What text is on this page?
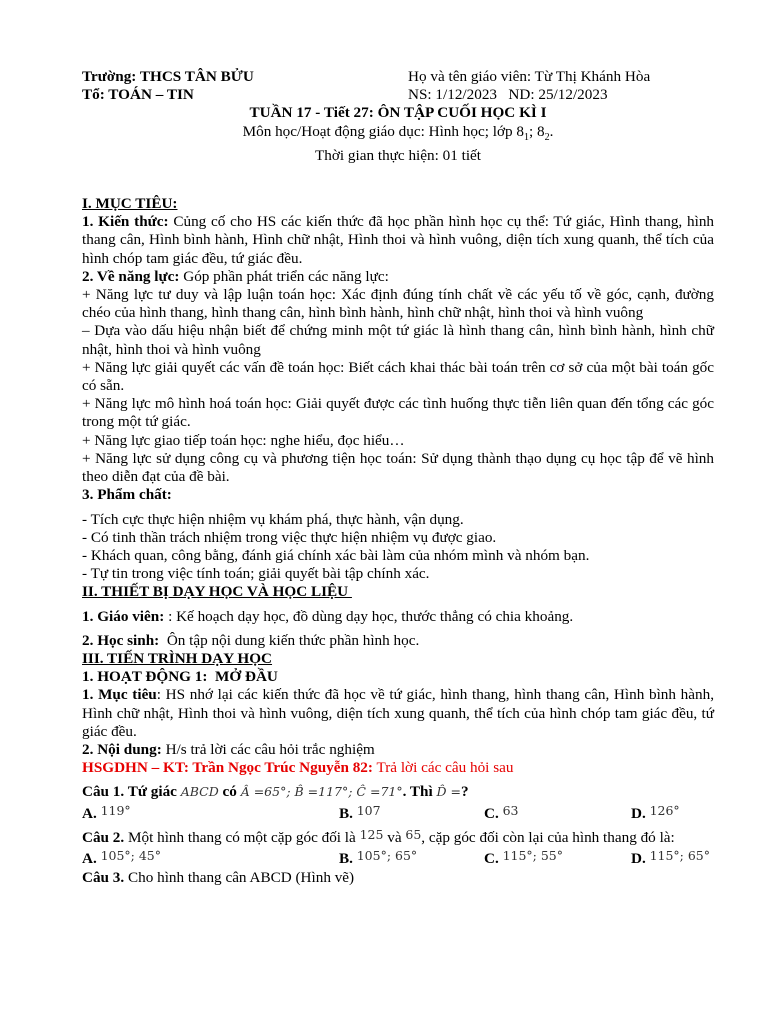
Trường: THCS TÂN BỬU	Họ và tên giáo viên: Từ Thị Khánh Hòa
Tổ: TOÁN – TIN	NS: 1/12/2023   ND: 25/12/2023
TUẦN 17 - Tiết 27: ÔN TẬP CUỐI HỌC KÌ I
Môn học/Hoạt động giáo dục: Hình học; lớp $8_1$; $8_2$.
Thời gian thực hiện: 01 tiết
I. MỤC TIÊU:

1. Kiến thức: Củng cố cho HS các kiến thức đã học phần hình học cụ thể: Tứ giác, Hình thang, hình thang cân, Hình bình hành, Hình chữ nhật, Hình thoi và hình vuông, diện tích xung quanh, thể tích của hình chóp tam giác đều, tứ giác đều.

2. Về năng lực: Góp phần phát triển các năng lực:

+ Năng lực tư duy và lập luận toán học: Xác định đúng tính chất về các yếu tố về góc, cạnh, đường chéo của hình thang, hình thang cân, hình bình hành, hình chữ nhật, hình thoi và hình vuông

– Dựa vào dấu hiệu nhận biết để chứng minh một tứ giác là hình thang cân, hình bình hành, hình chữ nhật, hình thoi và hình vuông

+ Năng lực giải quyết các vấn đề toán học: Biết cách khai thác bài toán trên cơ sở của một bài toán gốc có sẵn.

+ Năng lực mô hình hoá toán học: Giải quyết được các tình huống thực tiễn liên quan đến tổng các góc trong một tứ giác.

+ Năng lực giao tiếp toán học: nghe hiểu, đọc hiểu…

+ Năng lực sử dụng công cụ và phương tiện học toán: Sử dụng thành thạo dụng cụ học tập để vẽ hình theo diễn đạt của đề bài.

3. Phẩm chất:

- Tích cực thực hiện nhiệm vụ khám phá, thực hành, vận dụng.

- Có tinh thần trách nhiệm trong việc thực hiện nhiệm vụ được giao.

- Khách quan, công bằng, đánh giá chính xác bài làm của nhóm mình và nhóm bạn.

- Tự tin trong việc tính toán; giải quyết bài tập chính xác.

II. THIẾT BỊ DẠY HỌC VÀ HỌC LIỆU

1. Giáo viên: : Kế hoạch dạy học, đồ dùng dạy học, thước thẳng có chia khoảng.

2. Học sinh:  Ôn tập nội dung kiến thức phần hình học.

III. TIẾN TRÌNH DẠY HỌC

1. HOẠT ĐỘNG 1:  MỞ ĐẦU

1. Mục tiêu: HS nhớ lại các kiến thức đã học về tứ giác, hình thang, hình thang cân, Hình bình hành, Hình chữ nhật, Hình thoi và hình vuông, diện tích xung quanh, thể tích của hình chóp tam giác đều, tứ giác đều.

2. Nội dung: H/s trả lời các câu hỏi trắc nghiệm

HSGDHN – KT: Trần Ngọc Trúc Nguyễn 82: Trả lời các câu hỏi sau

Câu 1. Tứ giác ABCD có Â =65°; B̂ =117°; Ĉ =71°. Thì D̂ =?

A. 119°	B. 107	C. 63	D. 126°

Câu 2. Một hình thang có một cặp góc đối là 125 và 65, cặp góc đối còn lại của hình thang đó là:

A. 105°; 45°	B. 105°; 65°	C. 115°; 55°	D. 115°; 65°

Câu 3. Cho hình thang cân ABCD (Hình vẽ)
